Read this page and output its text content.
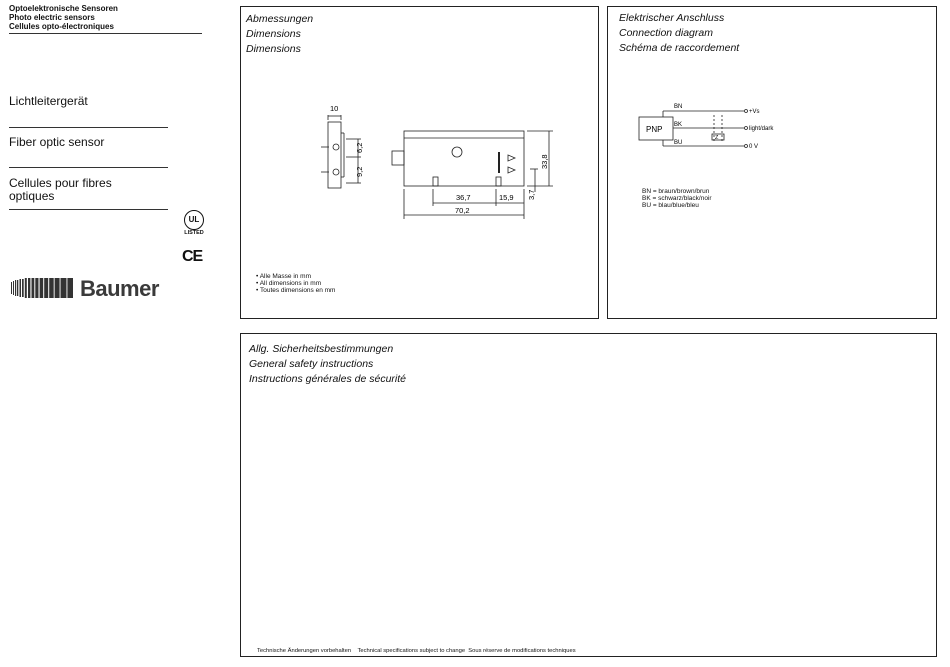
Optoelektronische Sensoren
Photo electric sensors
Cellules opto-électroniques
Lichtleitergerät
Fiber optic sensor
Cellules pour fibres optiques
UL
LISTED
CE
Baumer
Abmessungen
Dimensions
Dimensions
10
6,2
9,2
33,8
3,7
36,7	15,9
70,2
• Alle Masse in mm
• All dimensions in mm
• Toutes dimensions en mm
Elektrischer Anschluss
Connection diagram
Schéma de raccordement
PNP
BN
BK
BU
+Vs
light/dark
0 V
Z
BN = braun/brown/brun
BK = schwarz/black/noir
BU = blau/blue/bleu
Allg. Sicherheitsbestimmungen
General safety instructions
Instructions générales de sécurité
Technische Änderungen vorbehalten    Technical specifications subject to change  Sous réserve de modifications techniques
